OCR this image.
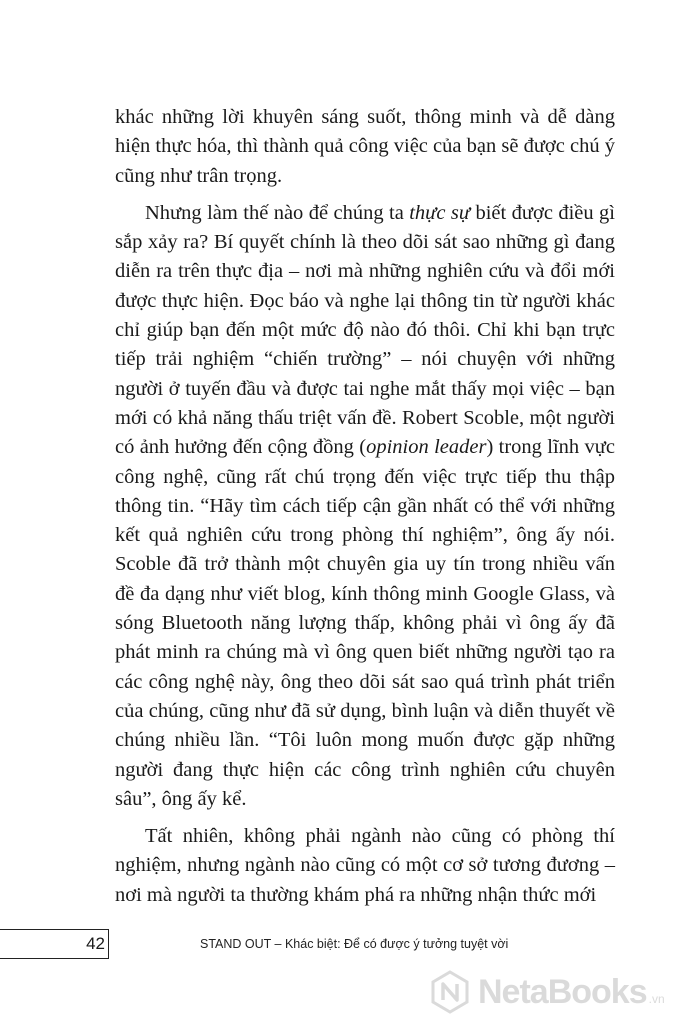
khác những lời khuyên sáng suốt, thông minh và dễ dàng hiện thực hóa, thì thành quả công việc của bạn sẽ được chú ý cũng như trân trọng.

Nhưng làm thế nào để chúng ta thực sự biết được điều gì sắp xảy ra? Bí quyết chính là theo dõi sát sao những gì đang diễn ra trên thực địa – nơi mà những nghiên cứu và đổi mới được thực hiện. Đọc báo và nghe lại thông tin từ người khác chỉ giúp bạn đến một mức độ nào đó thôi. Chỉ khi bạn trực tiếp trải nghiệm “chiến trường” – nói chuyện với những người ở tuyến đầu và được tai nghe mắt thấy mọi việc – bạn mới có khả năng thấu triệt vấn đề. Robert Scoble, một người có ảnh hưởng đến cộng đồng (opinion leader) trong lĩnh vực công nghệ, cũng rất chú trọng đến việc trực tiếp thu thập thông tin. “Hãy tìm cách tiếp cận gần nhất có thể với những kết quả nghiên cứu trong phòng thí nghiệm”, ông ấy nói. Scoble đã trở thành một chuyên gia uy tín trong nhiều vấn đề đa dạng như viết blog, kính thông minh Google Glass, và sóng Bluetooth năng lượng thấp, không phải vì ông ấy đã phát minh ra chúng mà vì ông quen biết những người tạo ra các công nghệ này, ông theo dõi sát sao quá trình phát triển của chúng, cũng như đã sử dụng, bình luận và diễn thuyết về chúng nhiều lần. “Tôi luôn mong muốn được gặp những người đang thực hiện các công trình nghiên cứu chuyên sâu”, ông ấy kể.

Tất nhiên, không phải ngành nào cũng có phòng thí nghiệm, nhưng ngành nào cũng có một cơ sở tương đương – nơi mà người ta thường khám phá ra những nhận thức mới

42	STAND OUT – Khác biệt: Để có được ý tưởng tuyệt vời
NetaBooks .vn
